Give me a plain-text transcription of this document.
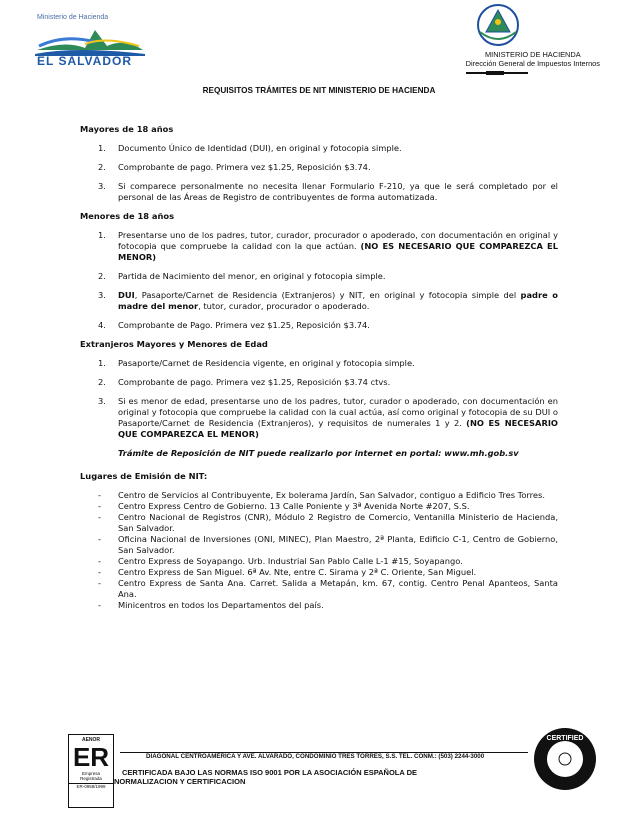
Ministerio de Hacienda
EL SALVADOR	MINISTERIO DE HACIENDA
Dirección General de Impuestos Internos
REQUISITOS TRÁMITES DE NIT MINISTERIO DE HACIENDA
Mayores de 18 años
1. Documento Único de Identidad (DUI), en original y fotocopia simple.
2. Comprobante de pago. Primera vez $1.25, Reposición $3.74.
3. Si comparece personalmente no necesita llenar Formulario F-210, ya que le será completado por el personal de las Áreas de Registro de contribuyentes de forma automatizada.
Menores de 18 años
1. Presentarse uno de los padres, tutor, curador, procurador o apoderado, con documentación en original y fotocopia que compruebe la calidad con la que actúan. (NO ES NECESARIO QUE COMPAREZCA EL MENOR)
2. Partida de Nacimiento del menor, en original y fotocopia simple.
3. DUI, Pasaporte/Carnet de Residencia (Extranjeros) y NIT, en original y fotocopia simple del padre o madre del menor, tutor, curador, procurador o apoderado.
4. Comprobante de Pago. Primera vez $1.25, Reposición $3.74.
Extranjeros Mayores y Menores de Edad
1. Pasaporte/Carnet de Residencia vigente, en original y fotocopia simple.
2. Comprobante de pago. Primera vez $1.25, Reposición $3.74 ctvs.
3. Si es menor de edad, presentarse uno de los padres, tutor, curador o apoderado, con documentación en original y fotocopia que compruebe la calidad con la cual actúa, así como original y fotocopia de su DUI o Pasaporte/Carnet de Residencia (Extranjeros), y requisitos de numerales 1 y 2. (NO ES NECESARIO QUE COMPAREZCA EL MENOR)
Trámite de Reposición de NIT puede realizarlo por internet en portal: www.mh.gob.sv
Lugares de Emisión de NIT:
- Centro de Servicios al Contribuyente, Ex bolerama Jardín, San Salvador, contiguo a Edificio Tres Torres.
- Centro Express Centro de Gobierno. 13 Calle Poniente y 3ª Avenida Norte #207, S.S.
- Centro Nacional de Registros (CNR), Módulo 2 Registro de Comercio, Ventanilla Ministerio de Hacienda, San Salvador.
- Oficina Nacional de Inversiones (ONI, MINEC), Plan Maestro, 2ª Planta, Edificio C-1, Centro de Gobierno, San Salvador.
- Centro Express de Soyapango. Urb. Industrial San Pablo Calle L-1 #15, Soyapango.
- Centro Express de San Miguel. 6ª Av. Nte, entre C. Sirama y 2ª C. Oriente, San Miguel.
- Centro Express de Santa Ana. Carret. Salida a Metapán, km. 67, contig. Centro Penal Apanteos, Santa Ana.
- Minicentros en todos los Departamentos del país.
AENOR
ER
Empresa
Registrada
ER-0958/1999
DIAGONAL CENTROAMÉRICA Y AVE. ALVARADO, CONDOMINIO TRES TORRES, S.S. TEL. CONM.: (503) 2244-3000
CERTIFICADA BAJO LAS NORMAS ISO 9001 POR LA ASOCIACIÓN ESPAÑOLA DE
NORMALIZACION Y CERTIFICACION
CERTIFIED
